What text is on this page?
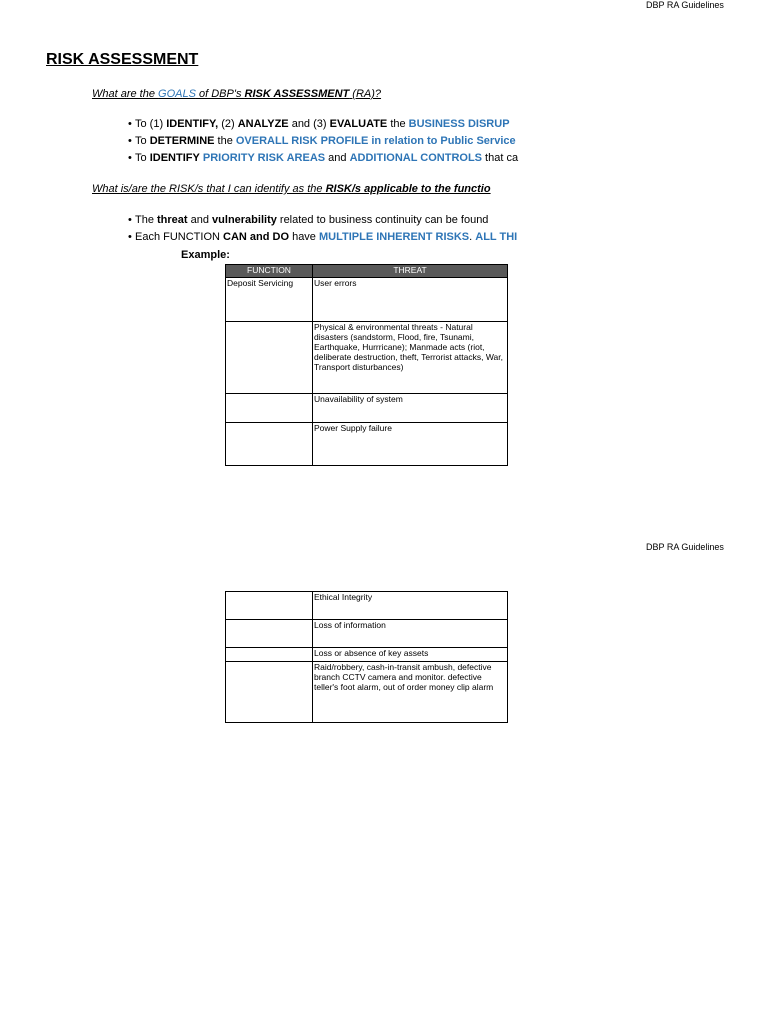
DBP RA Guidelines
RISK ASSESSMENT
What are the GOALS of DBP's RISK ASSESSMENT (RA)?
• To (1) IDENTIFY, (2) ANALYZE and (3) EVALUATE the BUSINESS DISRUP
• To DETERMINE the OVERALL RISK PROFILE in relation to Public Service
• To IDENTIFY PRIORITY RISK AREAS and ADDITIONAL CONTROLS that ca
What is/are the RISK/s that I can identify as the RISK/s applicable to the functio
• The threat and vulnerability related to business continuity can be found
• Each FUNCTION CAN and DO have MULTIPLE INHERENT RISKS. ALL THI
Example:
FUNCTION	THREAT
Deposit Servicing	User errors
	Physical & environmental threats - Natural disasters (sandstorm, Flood, fire, Tsunami, Earthquake, Hurrricane); Manmade acts (riot, deliberate destruction, theft, Terrorist attacks, War, Transport disturbances)
	Unavailability of system
	Power Supply failure
DBP RA Guidelines
	Ethical Integrity
	Loss of information
	Loss or absence of key assets
	Raid/robbery, cash-in-transit ambush, defective branch CCTV camera and monitor. defective teller's foot alarm, out of order money clip alarm
